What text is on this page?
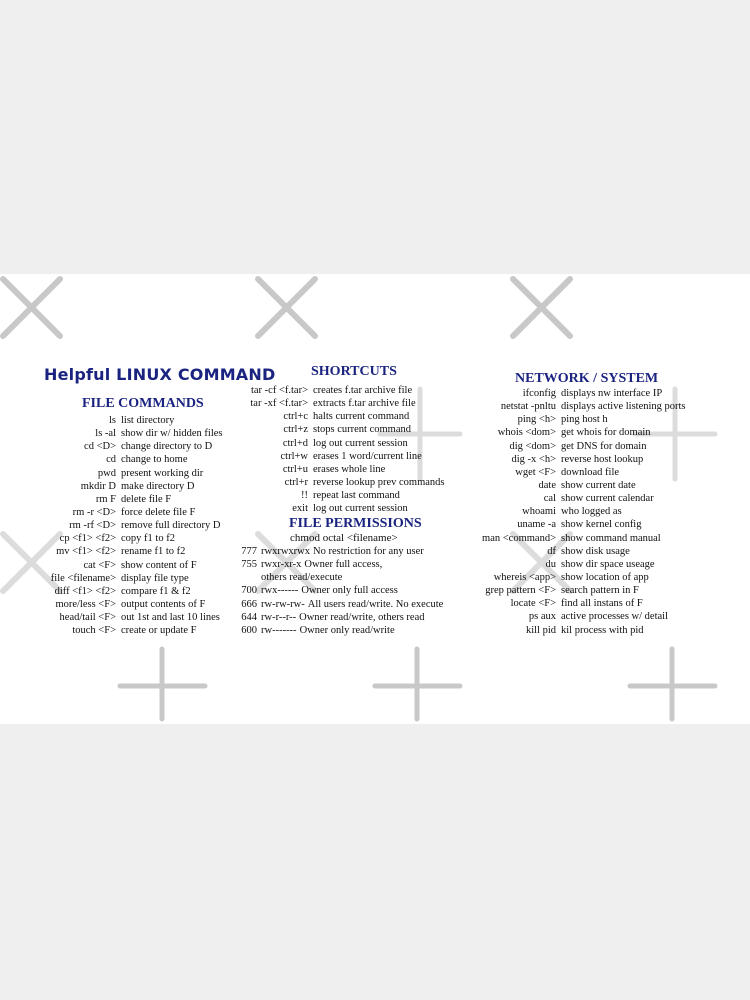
Helpful LINUX COMMAND
FILE COMMANDS
ls list directory
ls -al show dir w/ hidden files
cd <D> change directory to D
cd change to home
pwd present working dir
mkdir D make directory D
rm F delete file F
rm -r <D> force delete file F
rm -rf <D> remove full directory D
cp <f1> <f2> copy f1 to f2
mv <f1> <f2> rename f1 to f2
cat <F> show content of F
file <filename> display file type
diff <f1> <f2> compare f1 & f2
more/less <F> output contents of F
head/tail <F> out 1st and last 10 lines
touch <F> create or update F
SHORTCUTS
tar -cf <f.tar> creates f.tar archive file
tar -xf <f.tar> extracts f.tar archive file
ctrl+c halts current command
ctrl+z stops current command
ctrl+d log out current session
ctrl+w erases 1 word/current line
ctrl+u erases whole line
ctrl+r reverse lookup prev commands
!! repeat last command
exit log out current session
FILE PERMISSIONS
chmod octal <filename>
777 rwxrwxrwx No restriction for any user
755 rwxr-xr-x Owner full access,
others read/execute
700 rwx------ Owner only full access
666 rw-rw-rw- All users read/write. No execute
644 rw-r--r-- Owner read/write, others read
600 rw------- Owner only read/write
NETWORK / SYSTEM
ifconfig displays nw interface IP
netstat -pnltu displays active listening ports
ping <h> ping host h
whois <dom> get whois for domain
dig <dom> get DNS for domain
dig -x <h> reverse host lookup
wget <F> download file
date show current date
cal show current calendar
whoami who logged as
uname -a show kernel config
man <command> show command manual
df show disk usage
du show dir space useage
whereis <app> show location of app
grep pattern <F> search pattern in F
locate <F> find all instans of F
ps aux active processes w/ detail
kill pid kil process with pid
